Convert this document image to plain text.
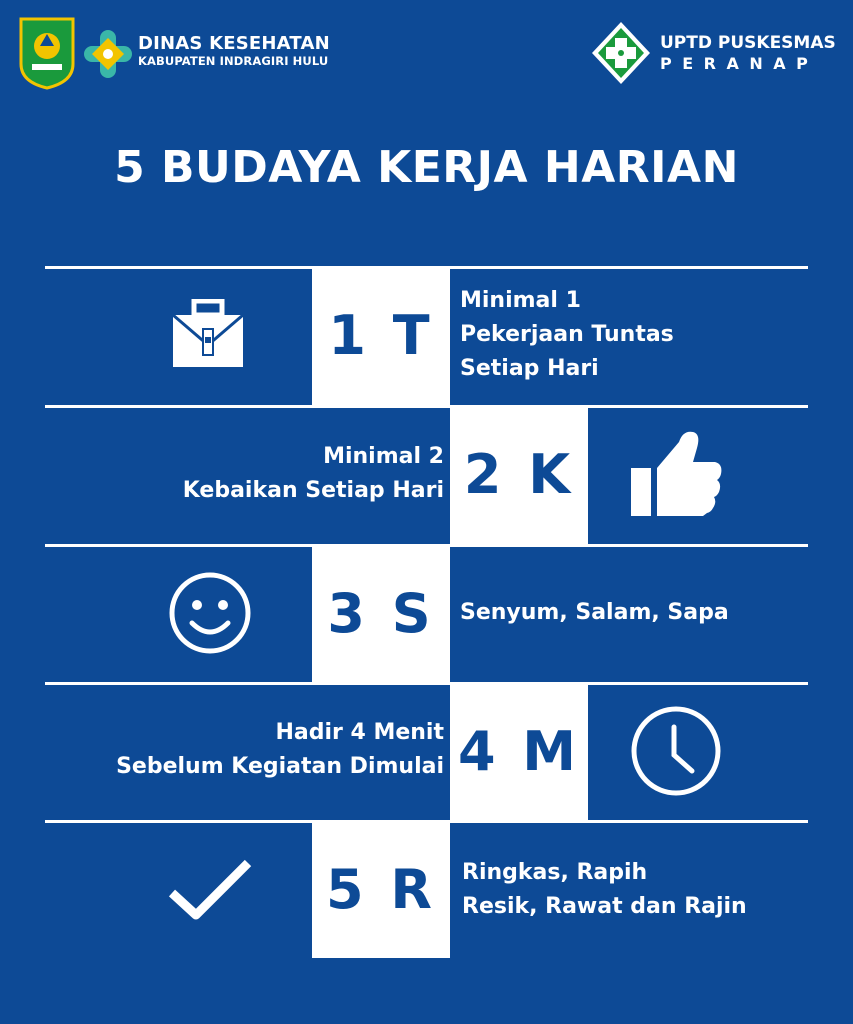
DINAS KESEHATAN
KABUPATEN INDRAGIRI HULU
UPTD PUSKESMAS
PERANAP
5 BUDAYA KERJA HARIAN
1 T
Minimal 1
Pekerjaan Tuntas
Setiap Hari
Minimal 2
Kebaikan Setiap Hari 2 K
3 S	Senyum, Salam, Sapa
Hadir 4 Menit
Sebelum Kegiatan Dimulai 4 M
5 R	Ringkas, Rapih
Resik, Rawat dan Rajin
